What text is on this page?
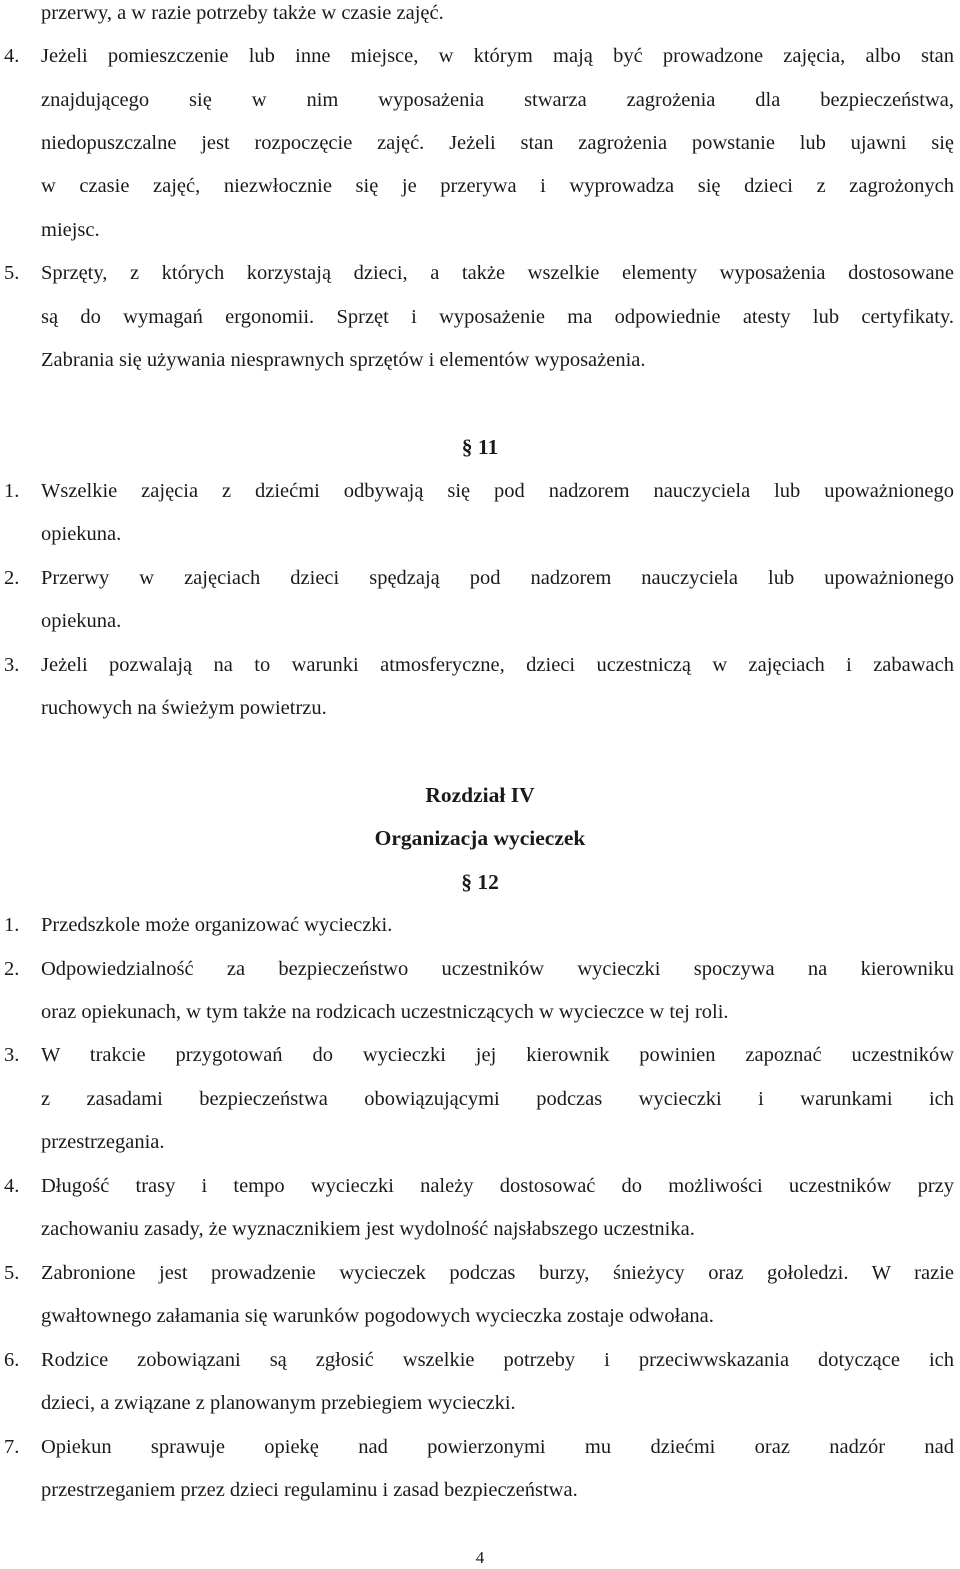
przerwy, a w razie potrzeby także w czasie zajęć.
4.	Jeżeli pomieszczenie lub inne miejsce, w którym mają być prowadzone zajęcia, albo stan
znajdującego się w nim wyposażenia stwarza zagrożenia dla bezpieczeństwa,
niedopuszczalne jest rozpoczęcie zajęć. Jeżeli stan zagrożenia powstanie lub ujawni się
w czasie zajęć, niezwłocznie się je przerywa i wyprowadza się dzieci z zagrożonych
miejsc.
5.	Sprzęty, z których korzystają dzieci, a także wszelkie elementy wyposażenia dostosowane
są do wymagań ergonomii. Sprzęt i wyposażenie ma odpowiednie atesty lub certyfikaty.
Zabrania się używania niesprawnych sprzętów i elementów wyposażenia.
§ 11
1.	Wszelkie zajęcia z dziećmi odbywają się pod nadzorem nauczyciela lub upoważnionego
opiekuna.
2.	Przerwy w zajęciach dzieci spędzają pod nadzorem nauczyciela lub upoważnionego
opiekuna.
3.	Jeżeli pozwalają na to warunki atmosferyczne, dzieci uczestniczą w zajęciach i zabawach
ruchowych na świeżym powietrzu.
Rozdział IV
Organizacja wycieczek
§ 12
1.	Przedszkole może organizować wycieczki.
2.	Odpowiedzialność za bezpieczeństwo uczestników wycieczki spoczywa na kierowniku
oraz opiekunach, w tym także na rodzicach uczestniczących w wycieczce w tej roli.
3.	W trakcie przygotowań do wycieczki jej kierownik powinien zapoznać uczestników
z zasadami bezpieczeństwa obowiązującymi podczas wycieczki i warunkami ich
przestrzegania.
4.	Długość trasy i tempo wycieczki należy dostosować do możliwości uczestników przy
zachowaniu zasady, że wyznacznikiem jest wydolność najsłabszego uczestnika.
5.	Zabronione jest prowadzenie wycieczek podczas burzy, śnieżycy oraz gołoledzi. W razie
gwałtownego załamania się warunków pogodowych wycieczka zostaje odwołana.
6.	Rodzice zobowiązani są zgłosić wszelkie potrzeby i przeciwwskazania dotyczące ich
dzieci, a związane z planowanym przebiegiem wycieczki.
7.	Opiekun sprawuje opiekę nad powierzonymi mu dziećmi oraz nadzór nad
przestrzeganiem przez dzieci regulaminu i zasad bezpieczeństwa.
4
